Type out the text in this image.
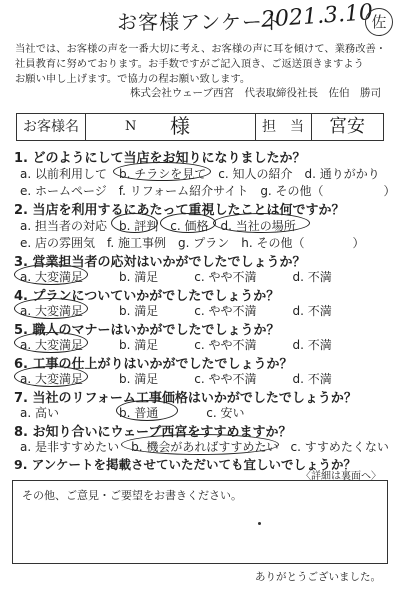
お客様アンケート
2021.3.10
佐
当社では、お客様の声を一番大切に考え、お客様の声に耳を傾けて、業務改善・
社員教育に努めております。お手数ですがご記入頂き、ご返送頂きますよう
お願い申し上げます。で協力の程お願い致します。
株式会社ウェーブ西宮　代表取締役社長　佐伯　勝司
お客様名	N 様	担　当	宮安
1. どのようにして当店をお知りになりましたか？
a. 以前利用して　b. チラシを見て　c. 知人の紹介　d. 通りがかり
e. ホームページ　f. リフォーム紹介サイト　g. その他（　　　　　）
2. 当店を利用するにあたって重視したことは何ですか？
a. 担当者の対応　b. 評判　c. 価格　d. 当社の場所
e. 店の雰囲気　f. 施工事例　g. プラン　h. その他（　　　　）
3. 営業担当者の応対はいかがでしたでしょうか？
a. 大変満足　　　b. 満足　　　c. やや不満　　　d. 不満
4. プランについていかがでしたでしょうか？
a. 大変満足　　　b. 満足　　　c. やや不満　　　d. 不満
5. 職人のマナーはいかがでしたでしょうか？
a. 大変満足　　　b. 満足　　　c. やや不満　　　d. 不満
6. 工事の仕上がりはいかがでしたでしょうか？
a. 大変満足　　　b. 満足　　　c. やや不満　　　d. 不満
7. 当社のリフォーム工事価格はいかがでしたでしょうか？
a. 高い　　　　　b. 普通　　　　c. 安い
8. お知り合いにウェーブ西宮をすすめますか？
a. 是非すすめたい　b. 機会があればすすめたい　c. すすめたくない
9. アンケートを掲載させていただいても宜しいでしょうか？
〈詳細は裏面へ〉
その他、ご意見・ご要望をお書きください。
ありがとうございました。
